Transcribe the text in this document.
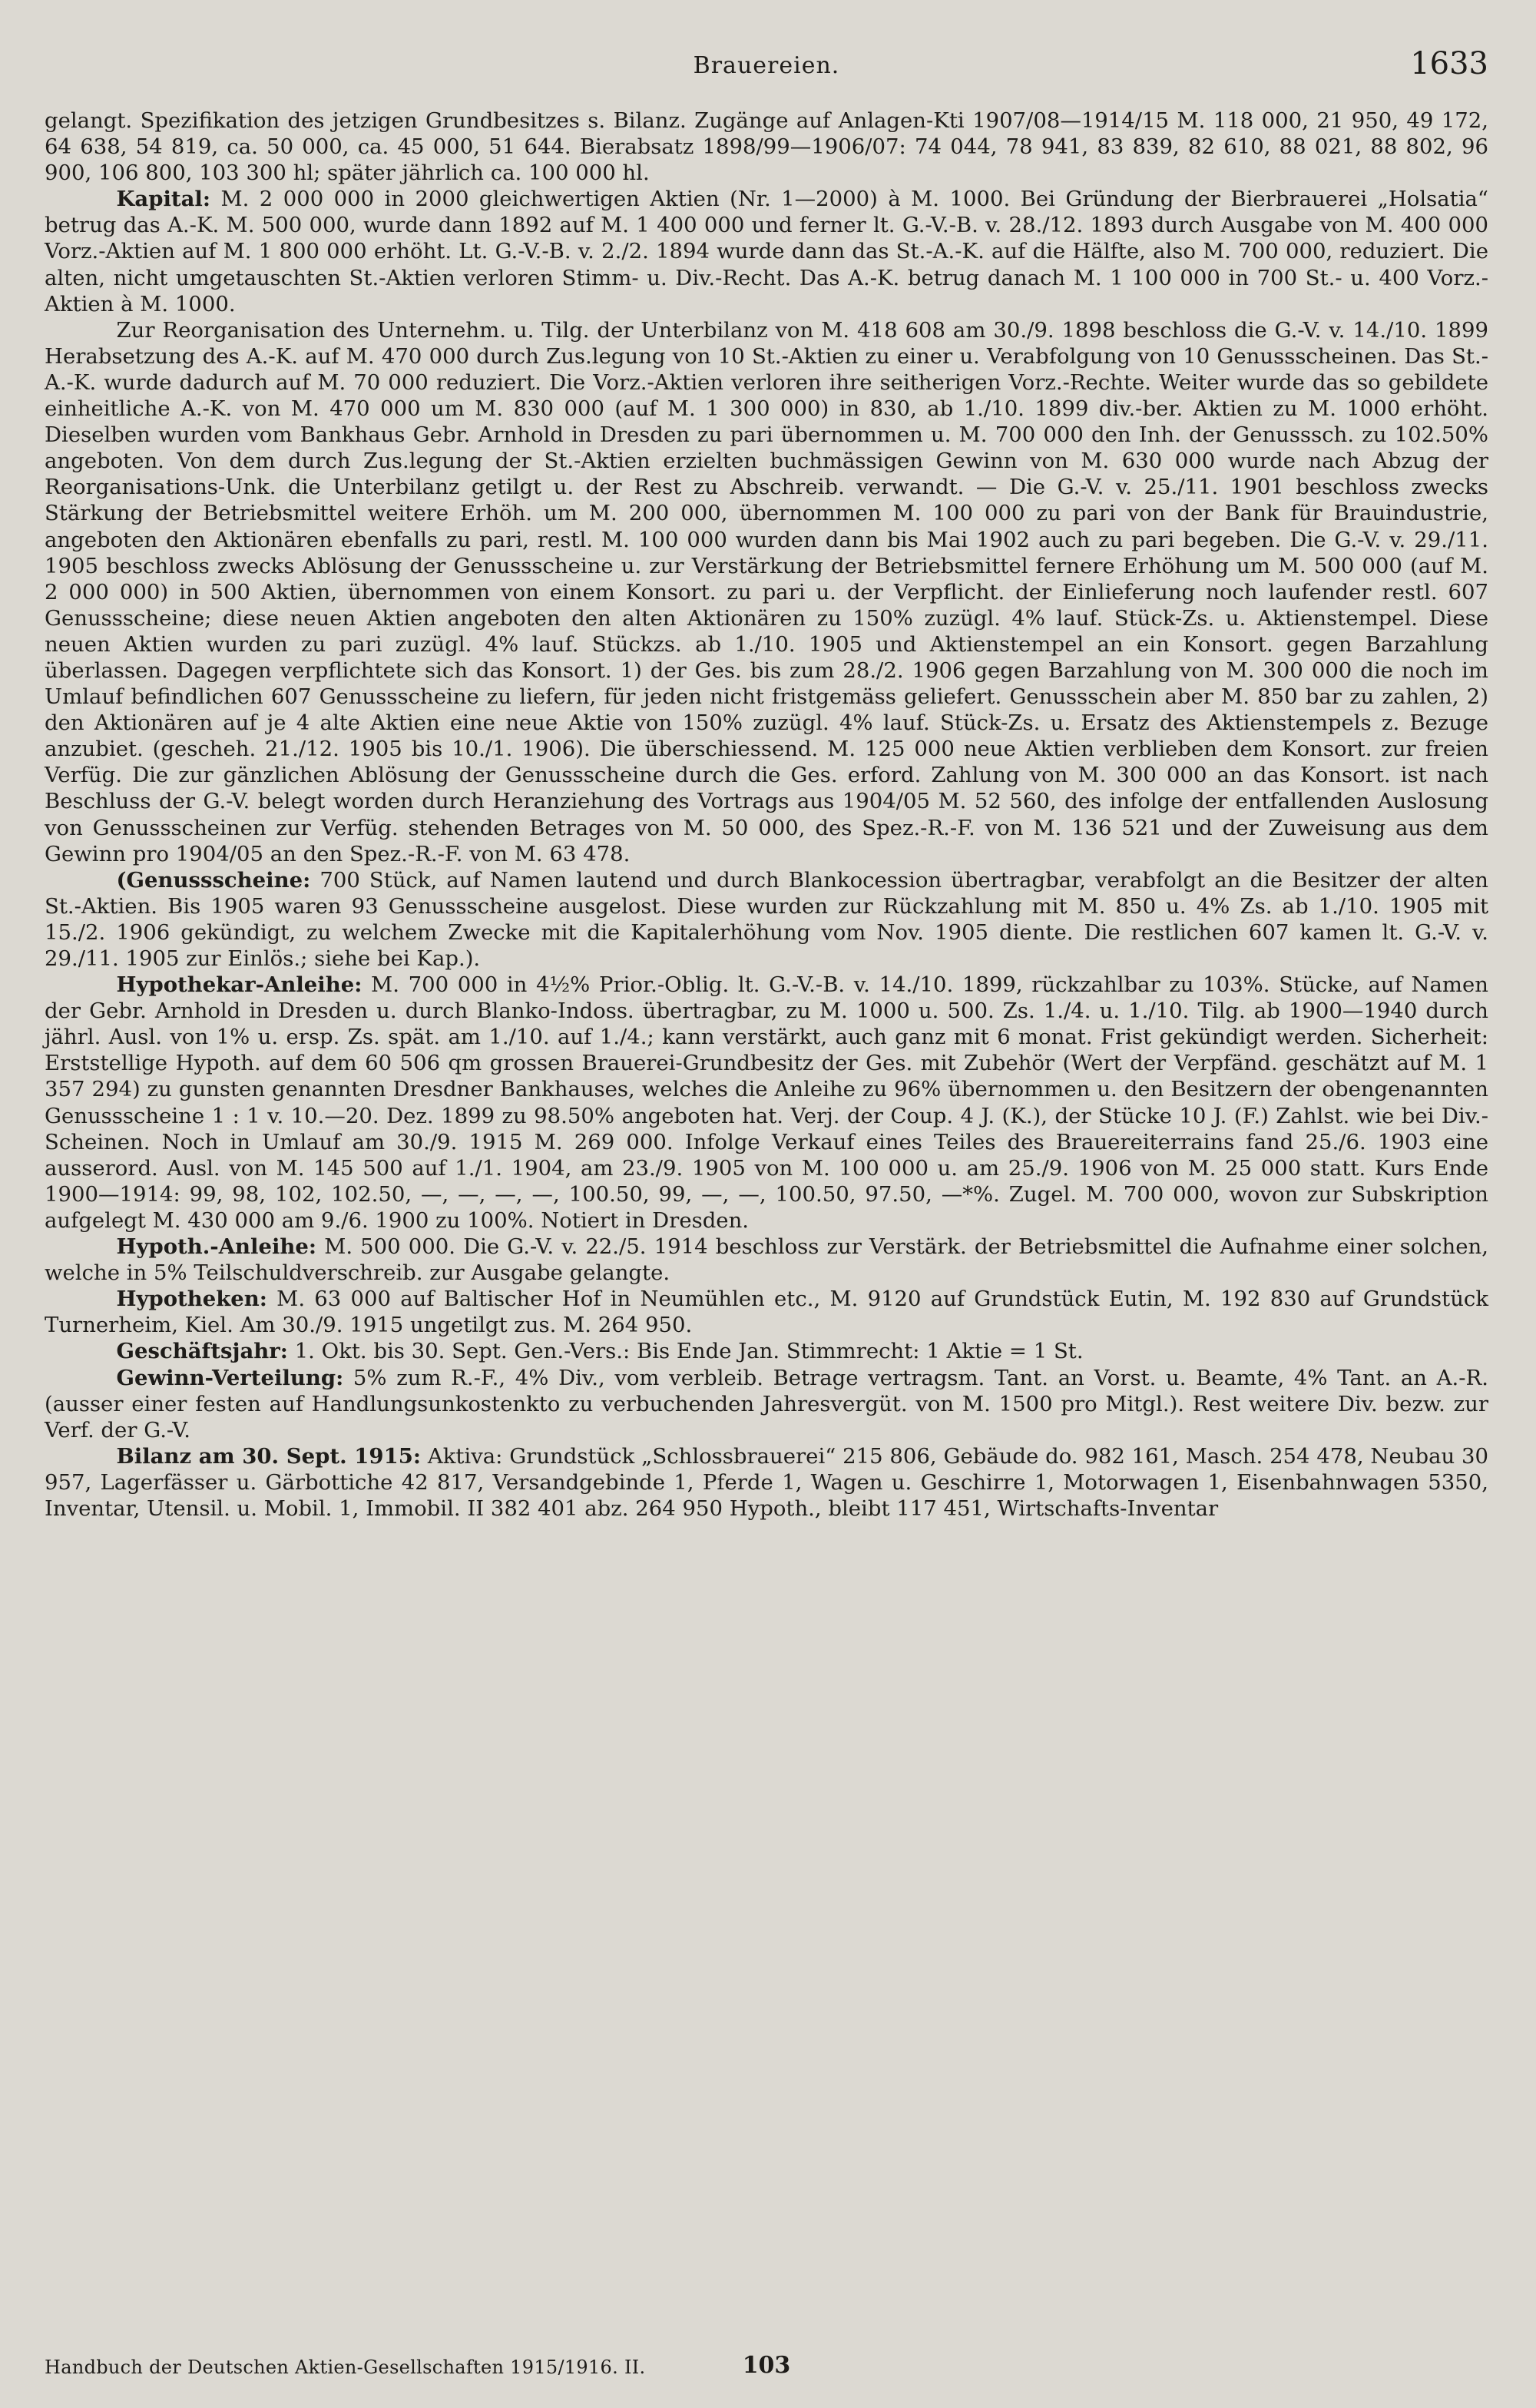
Brauereien.	1633

gelangt. Spezifikation des jetzigen Grundbesitzes s. Bilanz. Zugänge auf Anlagen-Kti 1907/08—1914/15 M. 118 000, 21 950, 49 172, 64 638, 54 819, ca. 50 000, ca. 45 000, 51 644. Bierabsatz 1898/99—1906/07: 74 044, 78 941, 83 839, 82 610, 88 021, 88 802, 96 900, 106 800, 103 300 hl; später jährlich ca. 100 000 hl.

Kapital: M. 2 000 000 in 2000 gleichwertigen Aktien (Nr. 1—2000) à M. 1000. Bei Gründung der Bierbrauerei „Holsatia“ betrug das A.-K. M. 500 000, wurde dann 1892 auf M. 1 400 000 und ferner lt. G.-V.-B. v. 28./12. 1893 durch Ausgabe von M. 400 000 Vorz.-Aktien auf M. 1 800 000 erhöht. Lt. G.-V.-B. v. 2./2. 1894 wurde dann das St.-A.-K. auf die Hälfte, also M. 700 000, reduziert. Die alten, nicht umgetauschten St.-Aktien verloren Stimm- u. Div.-Recht. Das A.-K. betrug danach M. 1 100 000 in 700 St.- u. 400 Vorz.-Aktien à M. 1000.

Zur Reorganisation des Unternehm. u. Tilg. der Unterbilanz von M. 418 608 am 30./9. 1898 beschloss die G.-V. v. 14./10. 1899 Herabsetzung des A.-K. auf M. 470 000 durch Zus.legung von 10 St.-Aktien zu einer u. Verabfolgung von 10 Genussscheinen. Das St.-A.-K. wurde dadurch auf M. 70 000 reduziert. Die Vorz.-Aktien verloren ihre seitherigen Vorz.-Rechte. Weiter wurde das so gebildete einheitliche A.-K. von M. 470 000 um M. 830 000 (auf M. 1 300 000) in 830, ab 1./10. 1899 div.-ber. Aktien zu M. 1000 erhöht. Dieselben wurden vom Bankhaus Gebr. Arnhold in Dresden zu pari übernommen u. M. 700 000 den Inh. der Genusssch. zu 102.50% angeboten. Von dem durch Zus.legung der St.-Aktien erzielten buchmässigen Gewinn von M. 630 000 wurde nach Abzug der Reorganisations-Unk. die Unterbilanz getilgt u. der Rest zu Abschreib. verwandt. — Die G.-V. v. 25./11. 1901 beschloss zwecks Stärkung der Betriebsmittel weitere Erhöh. um M. 200 000, übernommen M. 100 000 zu pari von der Bank für Brauindustrie, angeboten den Aktionären ebenfalls zu pari, restl. M. 100 000 wurden dann bis Mai 1902 auch zu pari begeben. Die G.-V. v. 29./11. 1905 beschloss zwecks Ablösung der Genussscheine u. zur Verstärkung der Betriebsmittel fernere Erhöhung um M. 500 000 (auf M. 2 000 000) in 500 Aktien, übernommen von einem Konsort. zu pari u. der Verpflicht. der Einlieferung noch laufender restl. 607 Genussscheine; diese neuen Aktien angeboten den alten Aktionären zu 150% zuzügl. 4% lauf. Stück-Zs. u. Aktienstempel. Diese neuen Aktien wurden zu pari zuzügl. 4% lauf. Stückzs. ab 1./10. 1905 und Aktienstempel an ein Konsort. gegen Barzahlung überlassen. Dagegen verpflichtete sich das Konsort. 1) der Ges. bis zum 28./2. 1906 gegen Barzahlung von M. 300 000 die noch im Umlauf befindlichen 607 Genussscheine zu liefern, für jeden nicht fristgemäss geliefert. Genussschein aber M. 850 bar zu zahlen, 2) den Aktionären auf je 4 alte Aktien eine neue Aktie von 150% zuzügl. 4% lauf. Stück-Zs. u. Ersatz des Aktienstempels z. Bezuge anzubiet. (gescheh. 21./12. 1905 bis 10./1. 1906). Die überschiessend. M. 125 000 neue Aktien verblieben dem Konsort. zur freien Verfüg. Die zur gänzlichen Ablösung der Genussscheine durch die Ges. erford. Zahlung von M. 300 000 an das Konsort. ist nach Beschluss der G.-V. belegt worden durch Heranziehung des Vortrags aus 1904/05 M. 52 560, des infolge der entfallenden Auslosung von Genussscheinen zur Verfüg. stehenden Betrages von M. 50 000, des Spez.-R.-F. von M. 136 521 und der Zuweisung aus dem Gewinn pro 1904/05 an den Spez.-R.-F. von M. 63 478.

(Genussscheine: 700 Stück, auf Namen lautend und durch Blankocession übertragbar, verabfolgt an die Besitzer der alten St.-Aktien. Bis 1905 waren 93 Genussscheine ausgelost. Diese wurden zur Rückzahlung mit M. 850 u. 4% Zs. ab 1./10. 1905 mit 15./2. 1906 gekündigt, zu welchem Zwecke mit die Kapitalerhöhung vom Nov. 1905 diente. Die restlichen 607 kamen lt. G.-V. v. 29./11. 1905 zur Einlös.; siehe bei Kap.).

Hypothekar-Anleihe: M. 700 000 in 4½% Prior.-Oblig. lt. G.-V.-B. v. 14./10. 1899, rückzahlbar zu 103%. Stücke, auf Namen der Gebr. Arnhold in Dresden u. durch Blanko-Indoss. übertragbar, zu M. 1000 u. 500. Zs. 1./4. u. 1./10. Tilg. ab 1900—1940 durch jährl. Ausl. von 1% u. ersp. Zs. spät. am 1./10. auf 1./4.; kann verstärkt, auch ganz mit 6 monat. Frist gekündigt werden. Sicherheit: Erststellige Hypoth. auf dem 60 506 qm grossen Brauerei-Grundbesitz der Ges. mit Zubehör (Wert der Verpfänd. geschätzt auf M. 1 357 294) zu gunsten genannten Dresdner Bankhauses, welches die Anleihe zu 96% übernommen u. den Besitzern der obengenannten Genussscheine 1 : 1 v. 10.—20. Dez. 1899 zu 98.50% angeboten hat. Verj. der Coup. 4 J. (K.), der Stücke 10 J. (F.) Zahlst. wie bei Div.-Scheinen. Noch in Umlauf am 30./9. 1915 M. 269 000. Infolge Verkauf eines Teiles des Brauereiterrains fand 25./6. 1903 eine ausserord. Ausl. von M. 145 500 auf 1./1. 1904, am 23./9. 1905 von M. 100 000 u. am 25./9. 1906 von M. 25 000 statt. Kurs Ende 1900—1914: 99, 98, 102, 102.50, —, —, —, —, 100.50, 99, —, —, 100.50, 97.50, —*%. Zugel. M. 700 000, wovon zur Subskription aufgelegt M. 430 000 am 9./6. 1900 zu 100%. Notiert in Dresden.

Hypoth.-Anleihe: M. 500 000. Die G.-V. v. 22./5. 1914 beschloss zur Verstärk. der Betriebsmittel die Aufnahme einer solchen, welche in 5% Teilschuldverschreib. zur Ausgabe gelangte.

Hypotheken: M. 63 000 auf Baltischer Hof in Neumühlen etc., M. 9120 auf Grundstück Eutin, M. 192 830 auf Grundstück Turnerheim, Kiel. Am 30./9. 1915 ungetilgt zus. M. 264 950.

Geschäftsjahr: 1. Okt. bis 30. Sept. Gen.-Vers.: Bis Ende Jan. Stimmrecht: 1 Aktie = 1 St.

Gewinn-Verteilung: 5% zum R.-F., 4% Div., vom verbleib. Betrage vertragsm. Tant. an Vorst. u. Beamte, 4% Tant. an A.-R. (ausser einer festen auf Handlungsunkostenkto zu verbuchenden Jahresvergüt. von M. 1500 pro Mitgl.). Rest weitere Div. bezw. zur Verf. der G.-V.

Bilanz am 30. Sept. 1915: Aktiva: Grundstück „Schlossbrauerei“ 215 806, Gebäude do. 982 161, Masch. 254 478, Neubau 30 957, Lagerfässer u. Gärbottiche 42 817, Versandgebinde 1, Pferde 1, Wagen u. Geschirre 1, Motorwagen 1, Eisenbahnwagen 5350, Inventar, Utensil. u. Mobil. 1, Immobil. II 382 401 abz. 264 950 Hypoth., bleibt 117 451, Wirtschafts-Inventar

Handbuch der Deutschen Aktien-Gesellschaften 1915/1916. II.	103
